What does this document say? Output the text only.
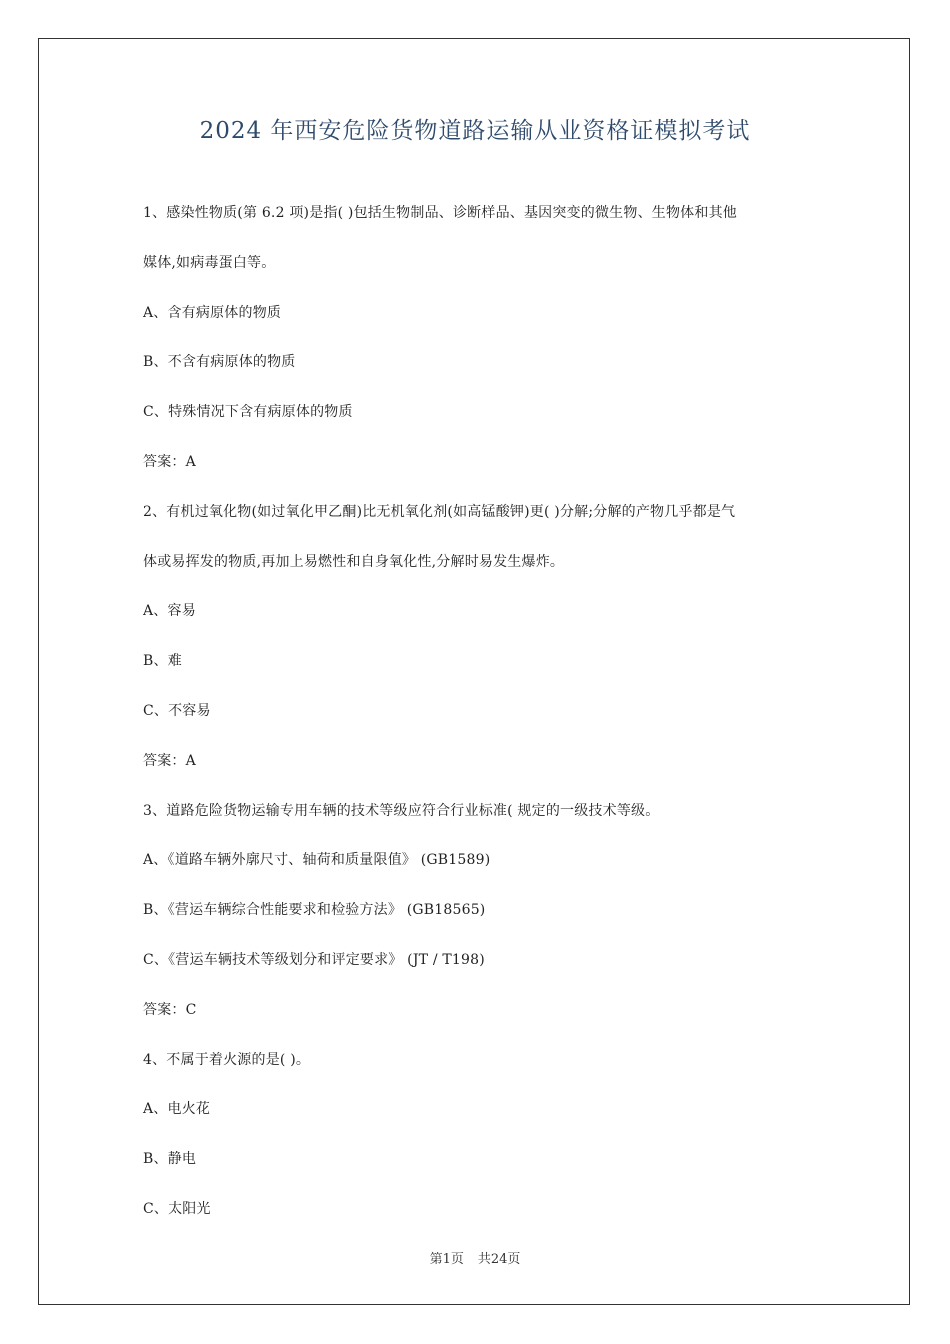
2024 年西安危险货物道路运输从业资格证模拟考试
1、感染性物质(第 6.2 项)是指( )包括生物制品、诊断样品、基因突变的微生物、生物体和其他
媒体,如病毒蛋白等。
A、含有病原体的物质
B、不含有病原体的物质
C、特殊情况下含有病原体的物质
答案：A
2、有机过氧化物(如过氧化甲乙酮)比无机氧化剂(如高锰酸钾)更( )分解;分解的产物几乎都是气
体或易挥发的物质,再加上易燃性和自身氧化性,分解时易发生爆炸。
A、容易
B、难
C、不容易
答案：A
3、道路危险货物运输专用车辆的技术等级应符合行业标准( 规定的一级技术等级。
A、《道路车辆外廓尺寸、轴荷和质量限值》 (GB1589)
B、《营运车辆综合性能要求和检验方法》 (GB18565)
C、《营运车辆技术等级划分和评定要求》 (JT / T198)
答案：C
4、不属于着火源的是( )。
A、电火花
B、静电
C、太阳光
第1页 共24页
